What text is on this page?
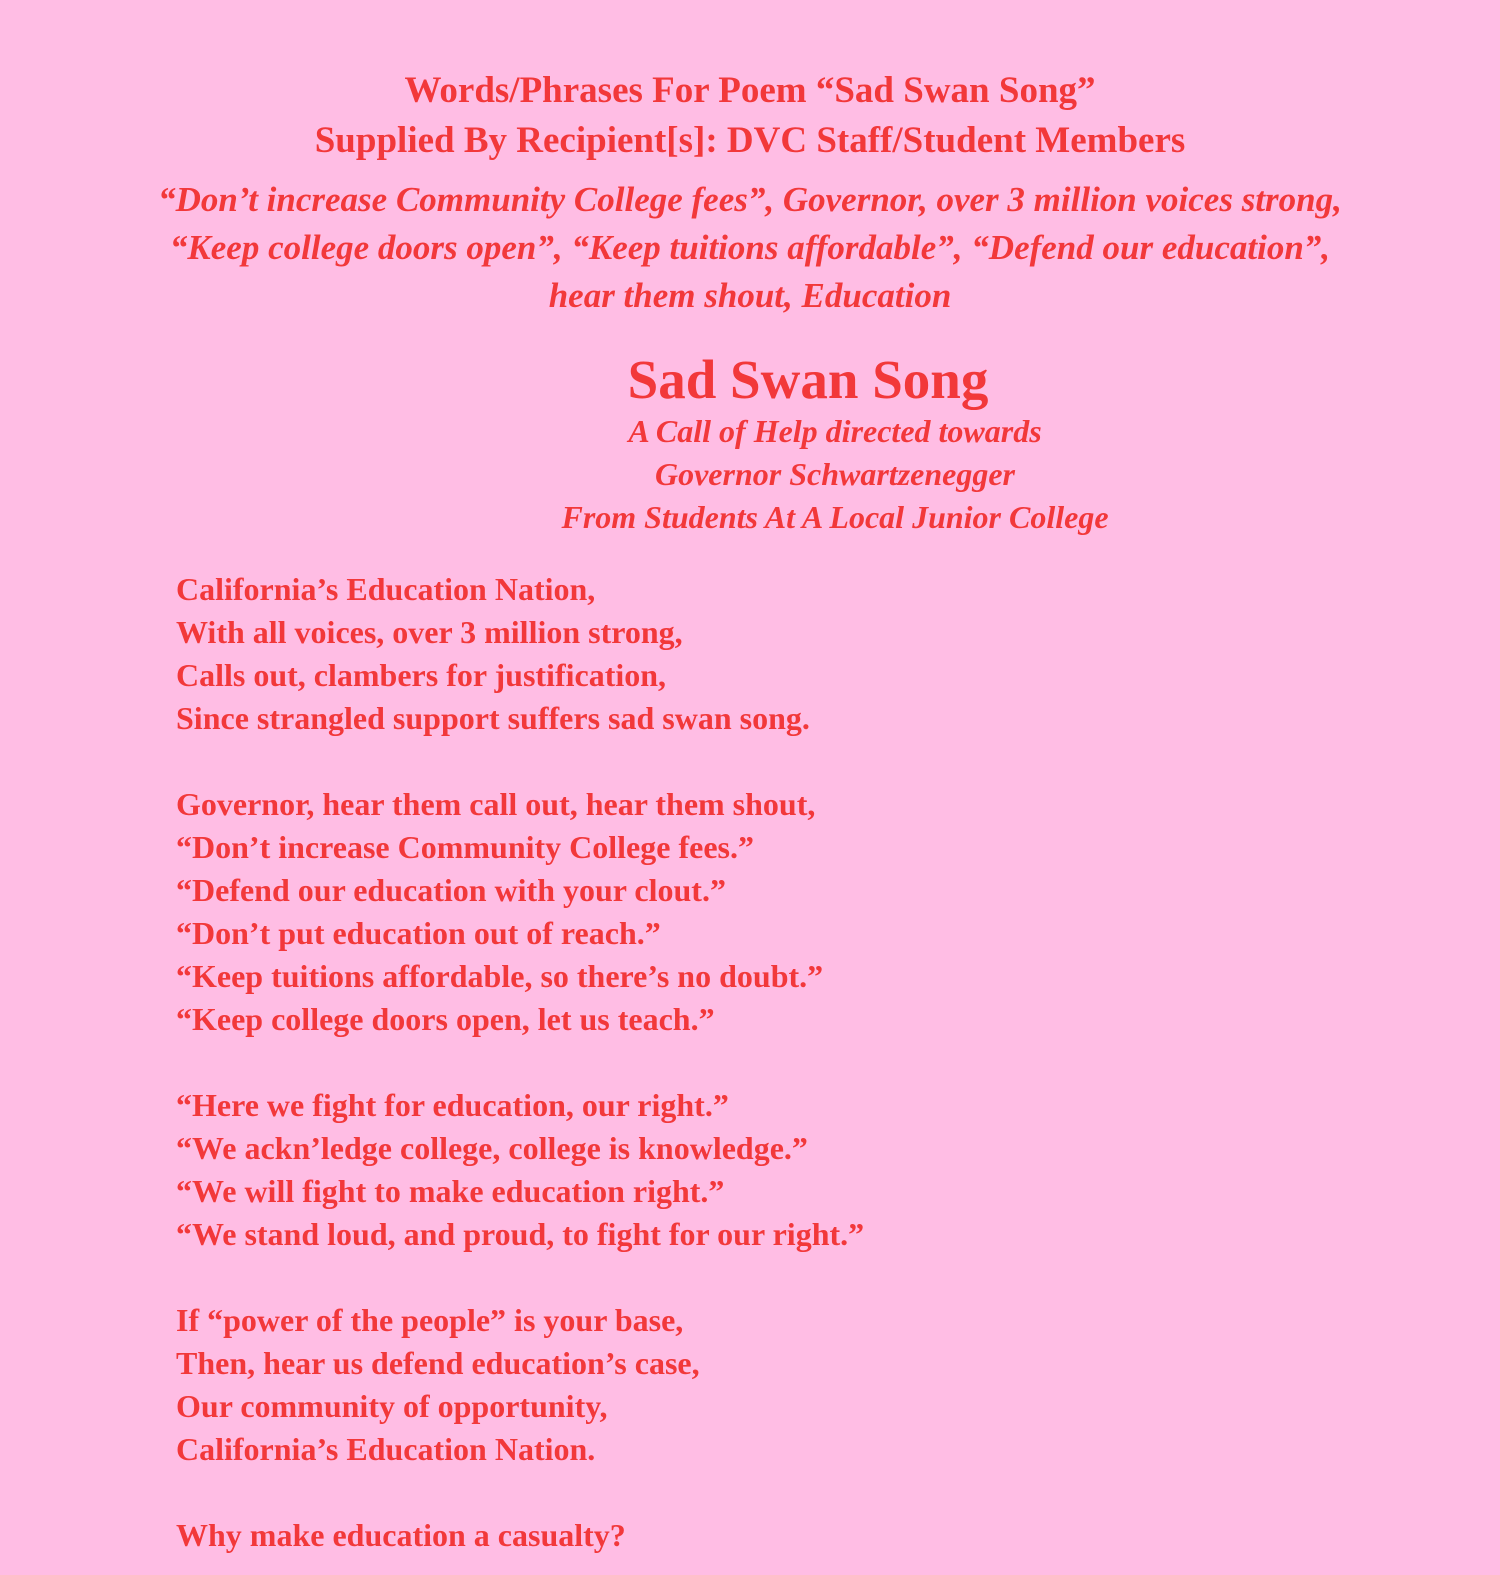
Words/Phrases For Poem “Sad Swan Song”
Supplied By Recipient[s]: DVC Staff/Student Members
“Don’t increase Community College fees”, Governor, over 3 million voices strong,
“Keep college doors open”, “Keep tuitions affordable”, “Defend our education”,
hear them shout, Education
Sad Swan Song
A Call of Help directed towards
Governor Schwartzenegger
From Students At A Local Junior College
California’s Education Nation,
With all voices, over 3 million strong,
Calls out, clambers for justification,
Since strangled support suffers sad swan song.
Governor, hear them call out, hear them shout,
“Don’t increase Community College fees.”
“Defend our education with your clout.”
“Don’t put education out of reach.”
“Keep tuitions affordable, so there’s no doubt.”
“Keep college doors open, let us teach.”
“Here we fight for education, our right.”
“We ackn’ledge college, college is knowledge.”
“We will fight to make education right.”
“We stand loud, and proud, to fight for our right.”
If “power of the people” is your base,
Then, hear us defend education’s case,
Our community of opportunity,
California’s Education Nation.
Why make education a casualty?
